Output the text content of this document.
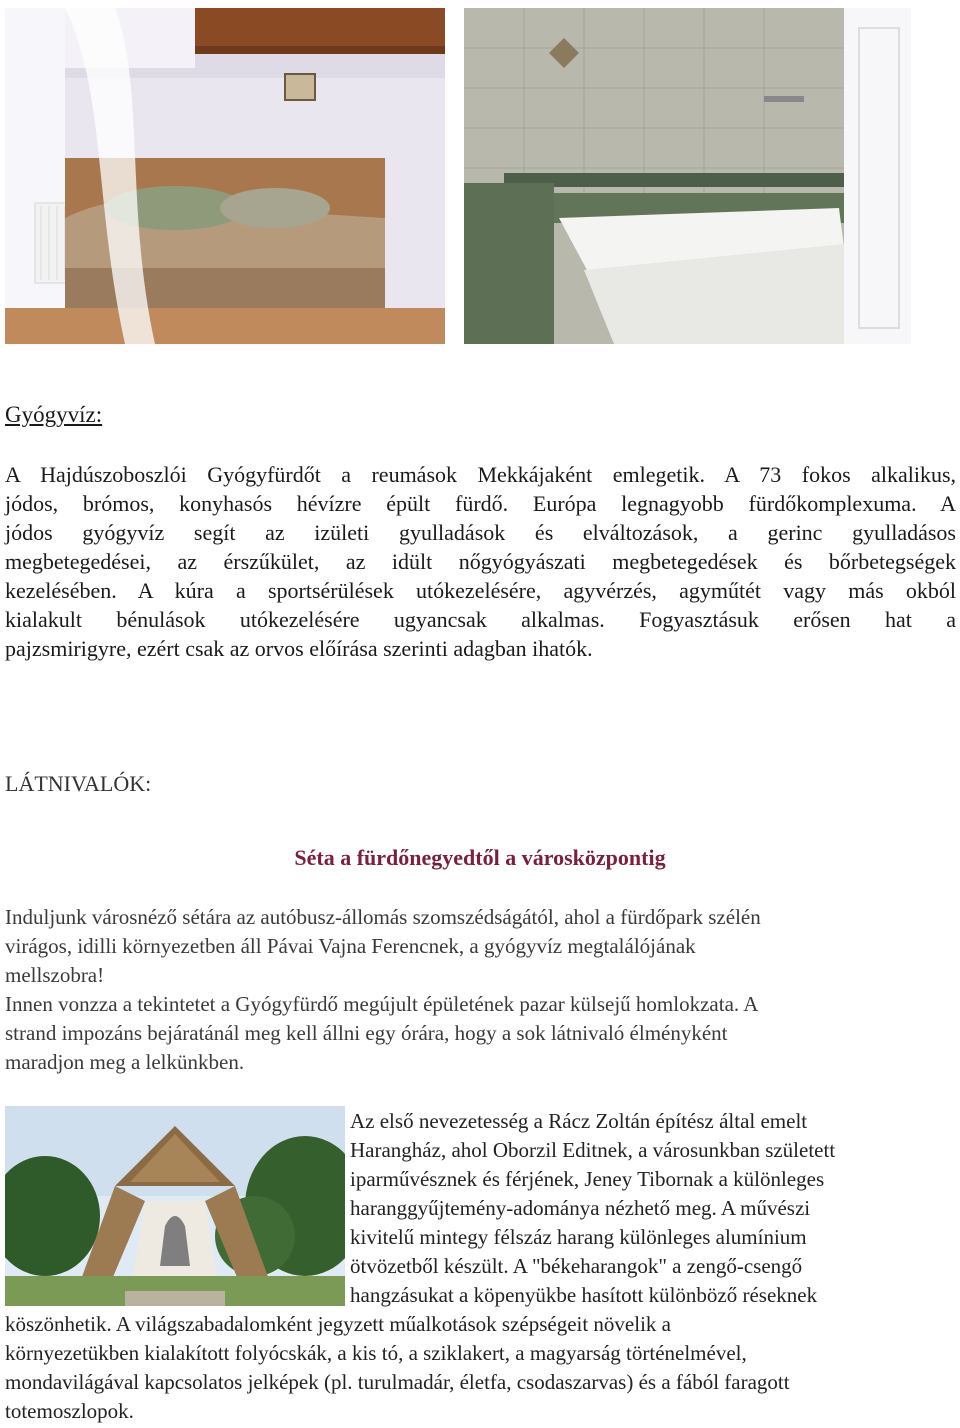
Gyógyvíz:
A Hajdúszoboszlói Gyógyfürdőt a reumások Mekkájaként emlegetik. A 73 fokos alkalikus,
jódos, brómos, konyhasós hévízre épült fürdő. Európa legnagyobb fürdőkomplexuma. A
jódos gyógyvíz segít az izületi gyulladások és elváltozások, a gerinc gyulladásos
megbetegedései, az érszűkület, az idült nőgyógyászati megbetegedések és bőrbetegségek
kezelésében. A kúra a sportsérülések utókezelésére, agyvérzés, agyműtét vagy más okból
kialakult bénulások utókezelésére ugyancsak alkalmas. Fogyasztásuk erősen hat a
pajzsmirigyre, ezért csak az orvos előírása szerinti adagban ihatók.
LÁTNIVALÓK:
Séta a fürdőnegyedtől a városközpontig
Induljunk városnéző sétára az autóbusz-állomás szomszédságától, ahol a fürdőpark szélén
virágos, idilli környezetben áll Pávai Vajna Ferencnek, a gyógyvíz megtalálójának
mellszobra!
Innen vonzza a tekintetet a Gyógyfürdő megújult épületének pazar külsejű homlokzata. A
strand impozáns bejáratánál meg kell állni egy órára, hogy a sok látnivaló élményként
maradjon meg a lelkünkben.
Az első nevezetesség a Rácz Zoltán építész által emelt
Harangház, ahol Oborzil Editnek, a városunkban született
iparművésznek és férjének, Jeney Tibornak a különleges
haranggyűjtemény-adománya nézhető meg. A művészi
kivitelű mintegy félszáz harang különleges alumínium
ötvözetből készült. A "békeharangok" a zengő-csengő
hangzásukat a köpenyükbe hasított különböző réseknek
köszönhetik. A világszabadalomként jegyzett műalkotások szépségeit növelik a
környezetükben kialakított folyócskák, a kis tó, a sziklakert, a magyarság történelmével,
mondavilágával kapcsolatos jelképek (pl. turulmadár, életfa, csodaszarvas) és a fából faragott
totemoszlopok.
